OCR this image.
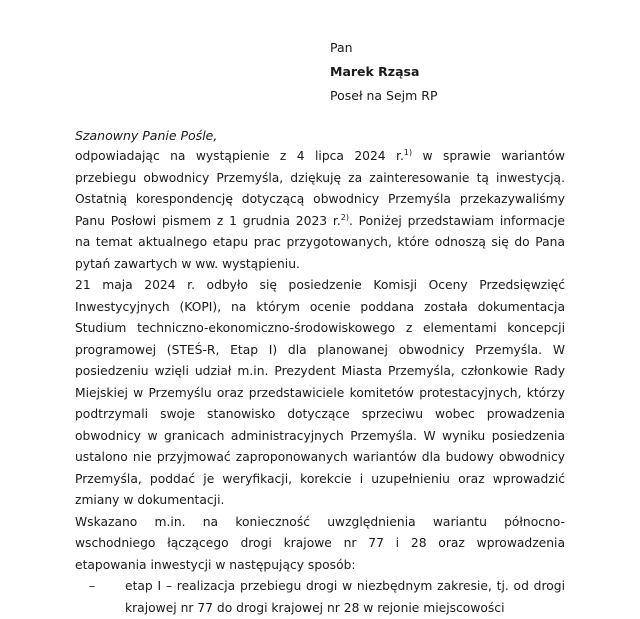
Pan
Marek Rząsa
Poseł na Sejm RP
Szanowny Panie Pośle,

odpowiadając na wystąpienie z 4 lipca 2024 r.$^{1)}$ w sprawie wariantów przebiegu obwodnicy Przemyśla, dziękuję za zainteresowanie tą inwestycją. Ostatnią korespondencję dotyczącą obwodnicy Przemyśla przekazywaliśmy Panu Posłowi pismem z 1 grudnia 2023 r.$^{2)}$. Poniżej przedstawiam informacje na temat aktualnego etapu prac przygotowanych, które odnoszą się do Pana pytań zawartych w ww. wystąpieniu.

21 maja 2024 r. odbyło się posiedzenie Komisji Oceny Przedsięwzięć Inwestycyjnych (KOPI), na którym ocenie poddana została dokumentacja Studium techniczno-ekonomiczno-środowiskowego z elementami koncepcji programowej (STEŚ-R, Etap I) dla planowanej obwodnicy Przemyśla. W posiedzeniu wzięli udział m.in. Prezydent Miasta Przemyśla, członkowie Rady Miejskiej w Przemyślu oraz przedstawiciele komitetów protestacyjnych, którzy podtrzymali swoje stanowisko dotyczące sprzeciwu wobec prowadzenia obwodnicy w granicach administracyjnych Przemyśla. W wyniku posiedzenia ustalono nie przyjmować zaproponowanych wariantów dla budowy obwodnicy Przemyśla, poddać je weryfikacji, korekcie i uzupełnieniu oraz wprowadzić zmiany w dokumentacji.

Wskazano m.in. na konieczność uwzględnienia wariantu północno-wschodniego łączącego drogi krajowe nr 77 i 28 oraz wprowadzenia etapowania inwestycji w następujący sposób:

–	etap I – realizacja przebiegu drogi w niezbędnym zakresie, tj. od drogi krajowej nr 77 do drogi krajowej nr 28 w rejonie miejscowości
